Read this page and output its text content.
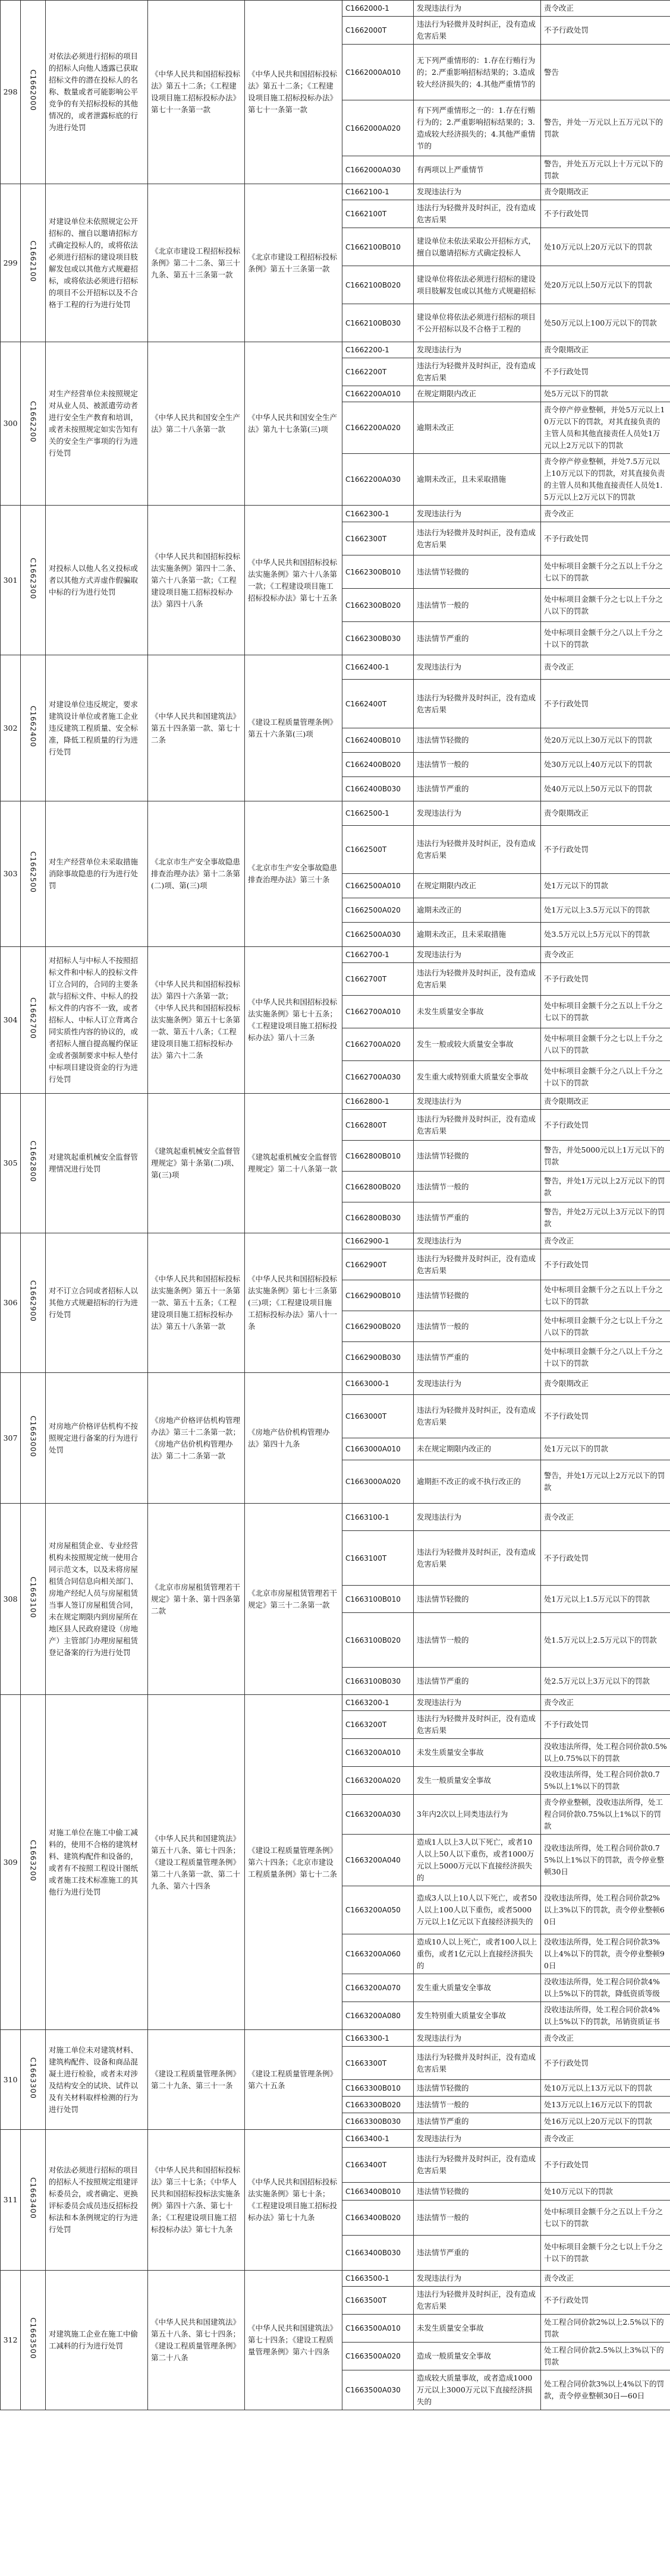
298	C1662000	对依法必须进行招标的项目的招标人向他人透露已获取招标文件的潜在投标人的名称、数量或者可能影响公平竞争的有关招标投标的其他情况的，或者泄露标底的行为进行处罚	《中华人民共和国招标投标法》第五十二条；《工程建设项目施工招标投标办法》第七十一条第一款	《中华人民共和国招标投标法》第五十二条；《工程建设项目施工招标投标办法》第七十一条第一款	C1662000-1	发现违法行为	责令改正
					C1662000T	违法行为轻微并及时纠正，没有造成危害后果	不予行政处罚
					C1662000A010	无下列严重情形的：1.存在行贿行为的；2.严重影响招标结果的；3.造成较大经济损失的；4.其他严重情节的	警告
					C1662000A020	有下列严重情形之一的：1.存在行贿行为的；2.严重影响招标结果的；3.造成较大经济损失的；4.其他严重情节的	警告，并处一万元以上五万元以下的罚款
					C1662000A030	有两项以上严重情节	警告，并处五万元以上十万元以下的罚款
299	C1662100	对建设单位未依照规定公开招标的、擅自以邀请招标方式确定投标人的，或将依法必须进行招标的建设项目肢解发包或以其他方式规避招标，或将依法必须进行招标的项目不公开招标以及不合格于工程的行为进行处罚	《北京市建设工程招标投标条例》第二十二条、第三十九条、第五十三条第一款	《北京市建设工程招标投标条例》第五十三条第一款	C1662100-1	发现违法行为	责令限期改正
					C1662100T	违法行为轻微并及时纠正，没有造成危害后果	不予行政处罚
					C1662100B010	建设单位未依法采取公开招标方式，擅自以邀请招标方式确定投标人	处10万元以上20万元以下的罚款
					C1662100B020	建设单位将依法必须进行招标的建设项目肢解发包或以其他方式规避招标	处20万元以上50万元以下的罚款
					C1662100B030	建设单位将依法必须进行招标的项目不公开招标以及不合格于工程的	处50万元以上100万元以下的罚款
300	C1662200	对生产经营单位未按照规定对从业人员、被派遣劳动者进行安全生产教育和培训，或者未按照规定如实告知有关的安全生产事项的行为进行处罚	《中华人民共和国安全生产法》第二十八条第一款	《中华人民共和国安全生产法》第九十七条第(三)项	C1662200-1	发现违法行为	责令限期改正
					C1662200T	违法行为轻微并及时纠正，没有造成危害后果	不予行政处罚
					C1662200A010	在规定期限内改正	处5万元以下的罚款
					C1662200A020	逾期未改正	责令停产停业整顿，并处5万元以上10万元以下的罚款，对其直接负责的主管人员和其他直接责任人员处1万元以上2万元以下的罚款
					C1662200A030	逾期未改正，且未采取措施	责令停产停业整顿，并处7.5万元以上10万元以下的罚款，对其直接负责的主管人员和其他直接责任人员处1.5万元以上2万元以下的罚款
301	C1662300	对投标人以他人名义投标或者以其他方式弄虚作假骗取中标的行为进行处罚	《中华人民共和国招标投标法实施条例》第四十二条、第六十八条第一款；《工程建设项目施工招标投标办法》第四十八条	《中华人民共和国招标投标法实施条例》第六十八条第一款；《工程建设项目施工招标投标办法》第七十五条	C1662300-1	发现违法行为	责令改正
					C1662300T	违法行为轻微并及时纠正，没有造成危害后果	不予行政处罚
					C1662300B010	违法情节轻微的	处中标项目金额千分之五以上千分之七以下的罚款
					C1662300B020	违法情节一般的	处中标项目金额千分之七以上千分之八以下的罚款
					C1662300B030	违法情节严重的	处中标项目金额千分之八以上千分之十以下的罚款
302	C1662400	对建设单位违反规定，要求建筑设计单位或者施工企业违反建筑工程质量、安全标准，降低工程质量的行为进行处罚	《中华人民共和国建筑法》第五十四条第一款、第七十二条	《建设工程质量管理条例》第五十六条第(三)项	C1662400-1	发现违法行为	责令改正
					C1662400T	违法行为轻微并及时纠正，没有造成危害后果	不予行政处罚
					C1662400B010	违法情节轻微的	处20万元以上30万元以下的罚款
					C1662400B020	违法情节一般的	处30万元以上40万元以下的罚款
					C1662400B030	违法情节严重的	处40万元以上50万元以下的罚款
303	C1662500	对生产经营单位未采取措施消除事故隐患的行为进行处罚	《北京市生产安全事故隐患排查治理办法》第十二条第(二)项、第(三)项	《北京市生产安全事故隐患排查治理办法》第三十条	C1662500-1	发现违法行为	责令限期改正
					C1662500T	违法行为轻微并及时纠正，没有造成危害后果	不予行政处罚
					C1662500A010	在规定期限内改正	处1万元以下的罚款
					C1662500A020	逾期未改正的	处1万元以上3.5万元以下的罚款
					C1662500A030	逾期未改正，且未采取措施	处3.5万元以上5万元以下的罚款
304	C1662700	对招标人与中标人不按照招标文件和中标人的投标文件订立合同的，合同的主要条款与招标文件、中标人的投标文件的内容不一致，或者招标人、中标人订立背离合同实质性内容的协议的，或者招标人擅自提高履约保证金或者强制要求中标人垫付中标项目建设资金的行为进行处罚	《中华人民共和国招标投标法》第四十六条第一款；《中华人民共和国招标投标法实施条例》第五十七条第一款、第五十八条；《工程建设项目施工招标投标办法》第六十二条	《中华人民共和国招标投标法实施条例》第七十五条；《工程建设项目施工招标投标办法》第八十三条	C1662700-1	发现违法行为	责令改正
					C1662700T	违法行为轻微并及时纠正，没有造成危害后果	不予行政处罚
					C1662700A010	未发生质量安全事故	处中标项目金额千分之五以上千分之七以下的罚款
					C1662700A020	发生一般或较大质量安全事故	处中标项目金额千分之七以上千分之八以下的罚款
					C1662700A030	发生重大或特别重大质量安全事故	处中标项目金额千分之八以上千分之十以下的罚款
305	C1662800	对建筑起重机械安全监督管理情况进行处罚	《建筑起重机械安全监督管理规定》第十条第(二)项、第(三)项	《建筑起重机械安全监督管理规定》第二十八条第一款	C1662800-1	发现违法行为	责令限期改正
					C1662800T	违法行为轻微并及时纠正，没有造成危害后果	不予行政处罚
					C1662800B010	违法情节轻微的	警告，并处5000元以上1万元以下的罚款
					C1662800B020	违法情节一般的	警告，并处1万元以上2万元以下的罚款
					C1662800B030	违法情节严重的	警告，并处2万元以上3万元以下的罚款
306	C1662900	对不订立合同或者招标人以其他方式规避招标的行为进行处罚	《中华人民共和国招标投标法实施条例》第五十一条第一款、第五十五条；《工程建设项目施工招标投标办法》第五十八条第一款	《中华人民共和国招标投标法实施条例》第七十三条第(三)项；《工程建设项目施工招标投标办法》第八十一条	C1662900-1	发现违法行为	责令改正
					C1662900T	违法行为轻微并及时纠正，没有造成危害后果	不予行政处罚
					C1662900B010	违法情节轻微的	处中标项目金额千分之五以上千分之七以下的罚款
					C1662900B020	违法情节一般的	处中标项目金额千分之七以上千分之八以下的罚款
					C1662900B030	违法情节严重的	处中标项目金额千分之八以上千分之十以下的罚款
307	C1663000	对房地产价格评估机构不按照规定进行备案的行为进行处罚	《房地产价格评估机构管理办法》第三十二条第一款；《房地产估价机构管理办法》第二十二条第一款	《房地产估价机构管理办法》第四十九条	C1663000-1	发现违法行为	责令限期改正
					C1663000T	违法行为轻微并及时纠正，没有造成危害后果	不予行政处罚
					C1663000A010	未在规定期限内改正的	处1万元以下的罚款
					C1663000A020	逾期拒不改正的或不执行改正的	警告，并处1万元以上2万元以下的罚款
308	C1663100	对房屋租赁企业、专业经营机构未按照规定统一使用合同示范文本，以及未将房屋租赁合同信息向相关部门、房地产经纪人员与房屋租赁当事人签订房屋租赁合同，未在规定期限内到房屋所在地区县人民政府建设（房地产）主管部门办理房屋租赁登记备案的行为进行处罚	《北京市房屋租赁管理若干规定》第十条、第十四条第二款	《北京市房屋租赁管理若干规定》第三十二条第一款	C1663100-1	发现违法行为	责令改正
					C1663100T	违法行为轻微并及时纠正，没有造成危害后果	不予行政处罚
					C1663100B010	违法情节轻微的	处1万元以上1.5万元以下的罚款
					C1663100B020	违法情节一般的	处1.5万元以上2.5万元以下的罚款
					C1663100B030	违法情节严重的	处2.5万元以上3万元以下的罚款
309	C1663200	对施工单位在施工中偷工减料的，使用不合格的建筑材料、建筑构配件和设备的，或者有不按照工程设计图纸或者施工技术标准施工的其他行为进行处罚	《中华人民共和国建筑法》第五十八条、第七十四条；《建设工程质量管理条例》第二十八条第一款、第二十九条、第六十四条	《建设工程质量管理条例》第六十四条；《北京市建设工程质量条例》第七十二条	C1663200-1	发现违法行为	责令改正
					C1663200T	违法行为轻微并及时纠正，没有造成危害后果	不予行政处罚
					C1663200A010	未发生质量安全事故	没收违法所得，处工程合同价款0.5%以上0.75%以下的罚款
					C1663200A020	发生一般质量安全事故	没收违法所得，处工程合同价款0.75%以上1%以下的罚款
					C1663200A030	3年内2次以上同类违法行为	责令停业整顿，没收违法所得，处工程合同价款0.75%以上1%以下的罚款
					C1663200A040	造成1人以上3人以下死亡，或者10人以上50人以下重伤，或者1000万元以上5000万元以下直接经济损失的	没收违法所得，处工程合同价款0.75%以上1%以下的罚款，责令停业整顿30日
					C1663200A050	造成3人以上10人以下死亡，或者50人以上100人以下重伤，或者5000万元以上1亿元以下直接经济损失的	没收违法所得，处工程合同价款2%以上3%以下的罚款，责令停业整顿60日
					C1663200A060	造成10人以上死亡，或者100人以上重伤，或者1亿元以上直接经济损失的	没收违法所得，处工程合同价款3%以上4%以下的罚款，责令停业整顿90日
					C1663200A070	发生重大质量安全事故	没收违法所得，处工程合同价款4%以上5%以下的罚款，降低资质等级
					C1663200A080	发生特别重大质量安全事故	没收违法所得，处工程合同价款4%以上5%以下的罚款，吊销资质证书
310	C1663300	对施工单位未对建筑材料、建筑构配件、设备和商品混凝土进行检验，或者未对涉及结构安全的试块、试件以及有关材料取样检测的行为进行处罚	《建设工程质量管理条例》第二十九条、第三十一条	《建设工程质量管理条例》第六十五条	C1663300-1	发现违法行为	责令改正
					C1663300T	违法行为轻微并及时纠正，没有造成危害后果	不予行政处罚
					C1663300B010	违法情节轻微的	处10万元以上13万元以下的罚款
					C1663300B020	违法情节一般的	处13万元以上16万元以下的罚款
					C1663300B030	违法情节严重的	处16万元以上20万元以下的罚款
311	C1663400	对依法必须进行招标的项目的招标人不按照规定组建评标委员会，或者确定、更换评标委员会成员违反招标投标法和本条例规定的行为进行处罚	《中华人民共和国招标投标法》第三十七条；《中华人民共和国招标投标法实施条例》第四十六条、第七十条；《工程建设项目施工招标投标办法》第七十九条	《中华人民共和国招标投标法实施条例》第七十条；《工程建设项目施工招标投标办法》第七十九条	C1663400-1	发现违法行为	责令改正
					C1663400T	违法行为轻微并及时纠正，没有造成危害后果	不予行政处罚
					C1663400B010	违法情节轻微的	处10万元以下的罚款
					C1663400B020	违法情节一般的	处中标项目金额千分之五以上千分之七以下的罚款
					C1663400B030	违法情节严重的	处中标项目金额千分之七以上千分之十以下的罚款
312	C1663500	对建筑施工企业在施工中偷工减料的行为进行处罚	《中华人民共和国建筑法》第五十八条、第七十四条；《建设工程质量管理条例》第二十八条	《中华人民共和国建筑法》第七十四条；《建设工程质量管理条例》第六十四条	C1663500-1	发现违法行为	责令改正
					C1663500T	违法行为轻微并及时纠正，没有造成危害后果	不予行政处罚
					C1663500A010	未发生质量安全事故	处工程合同价款2%以上2.5%以下的罚款
					C1663500A020	造成一般质量安全事故	处工程合同价款2.5%以上3%以下的罚款
					C1663500A030	造成较大质量事故，或者造成1000万元以上3000万元以下直接经济损失的	处工程合同价款3%以上4%以下的罚款，责令停业整顿30日—60日
